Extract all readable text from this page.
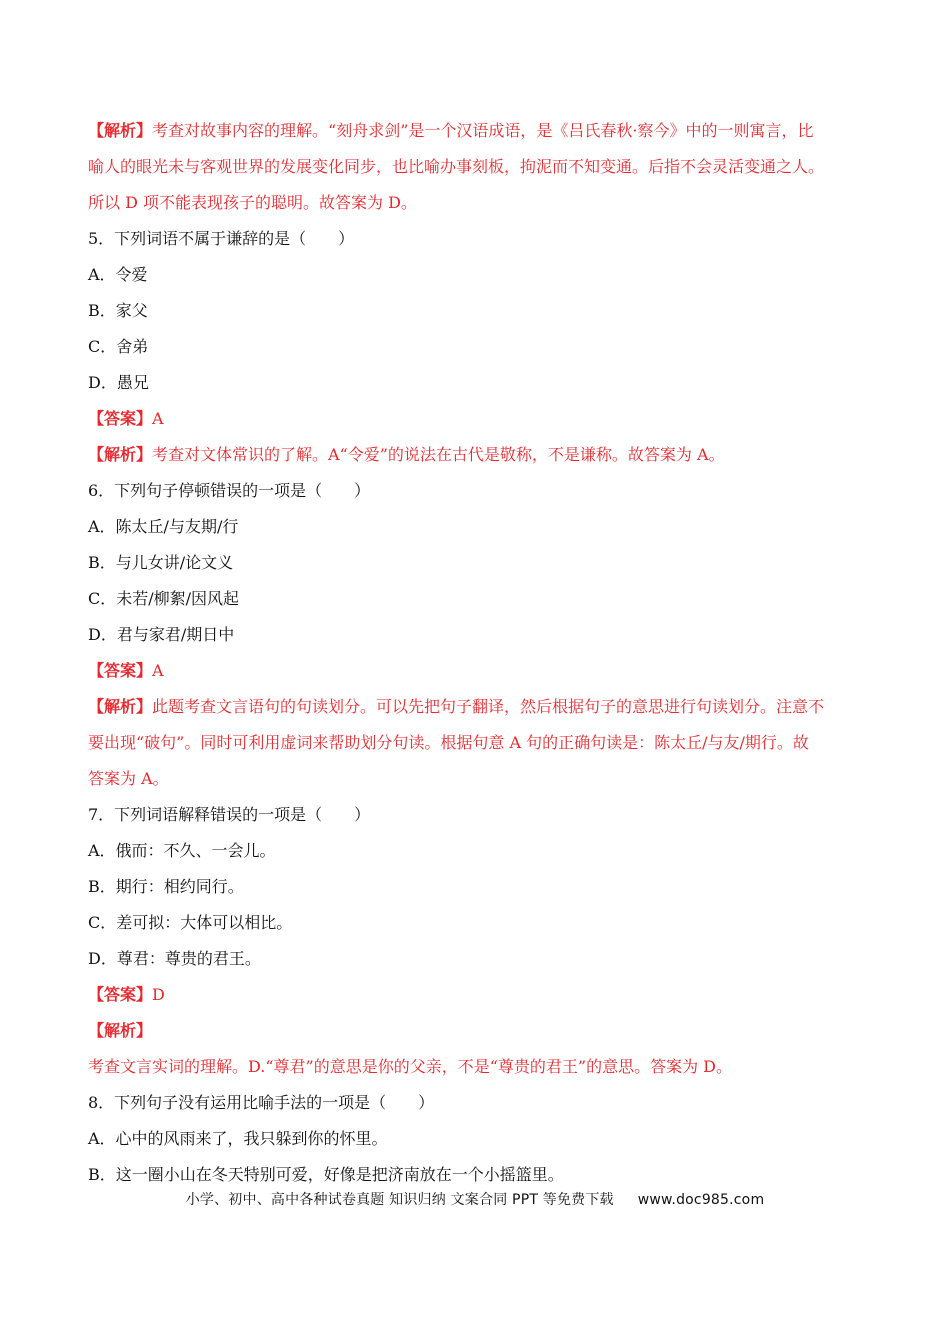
【解析】考查对故事内容的理解。“刻舟求剑”是一个汉语成语，是《吕氏春秋·察今》中的一则寓言，比
喻人的眼光未与客观世界的发展变化同步，也比喻办事刻板，拘泥而不知变通。后指不会灵活变通之人。
所以 D 项不能表现孩子的聪明。故答案为 D。
5．下列词语不属于谦辞的是（　　）
A．令爱
B．家父
C．舍弟
D．愚兄
【答案】A
【解析】考查对文体常识的了解。A“令爱”的说法在古代是敬称，不是谦称。故答案为 A。
6．下列句子停顿错误的一项是（　　）
A．陈太丘/与友期/行
B．与儿女讲/论文义
C．未若/柳絮/因风起
D．君与家君/期日中
【答案】A
【解析】此题考查文言语句的句读划分。可以先把句子翻译，然后根据句子的意思进行句读划分。注意不
要出现“破句”。同时可利用虚词来帮助划分句读。根据句意 A 句的正确句读是：陈太丘/与友/期行。故
答案为 A。
7．下列词语解释错误的一项是（　　）
A．俄而：不久、一会儿。
B．期行：相约同行。
C．差可拟：大体可以相比。
D．尊君：尊贵的君王。
【答案】D
【解析】
考查文言实词的理解。D.“尊君”的意思是你的父亲，不是“尊贵的君王”的意思。答案为 D。
8．下列句子没有运用比喻手法的一项是（　　）
A．心中的风雨来了，我只躲到你的怀里。
B．这一圈小山在冬天特别可爱，好像是把济南放在一个小摇篮里。
小学、初中、高中各种试卷真题 知识归纳 文案合同 PPT 等免费下载 www.doc985.com
